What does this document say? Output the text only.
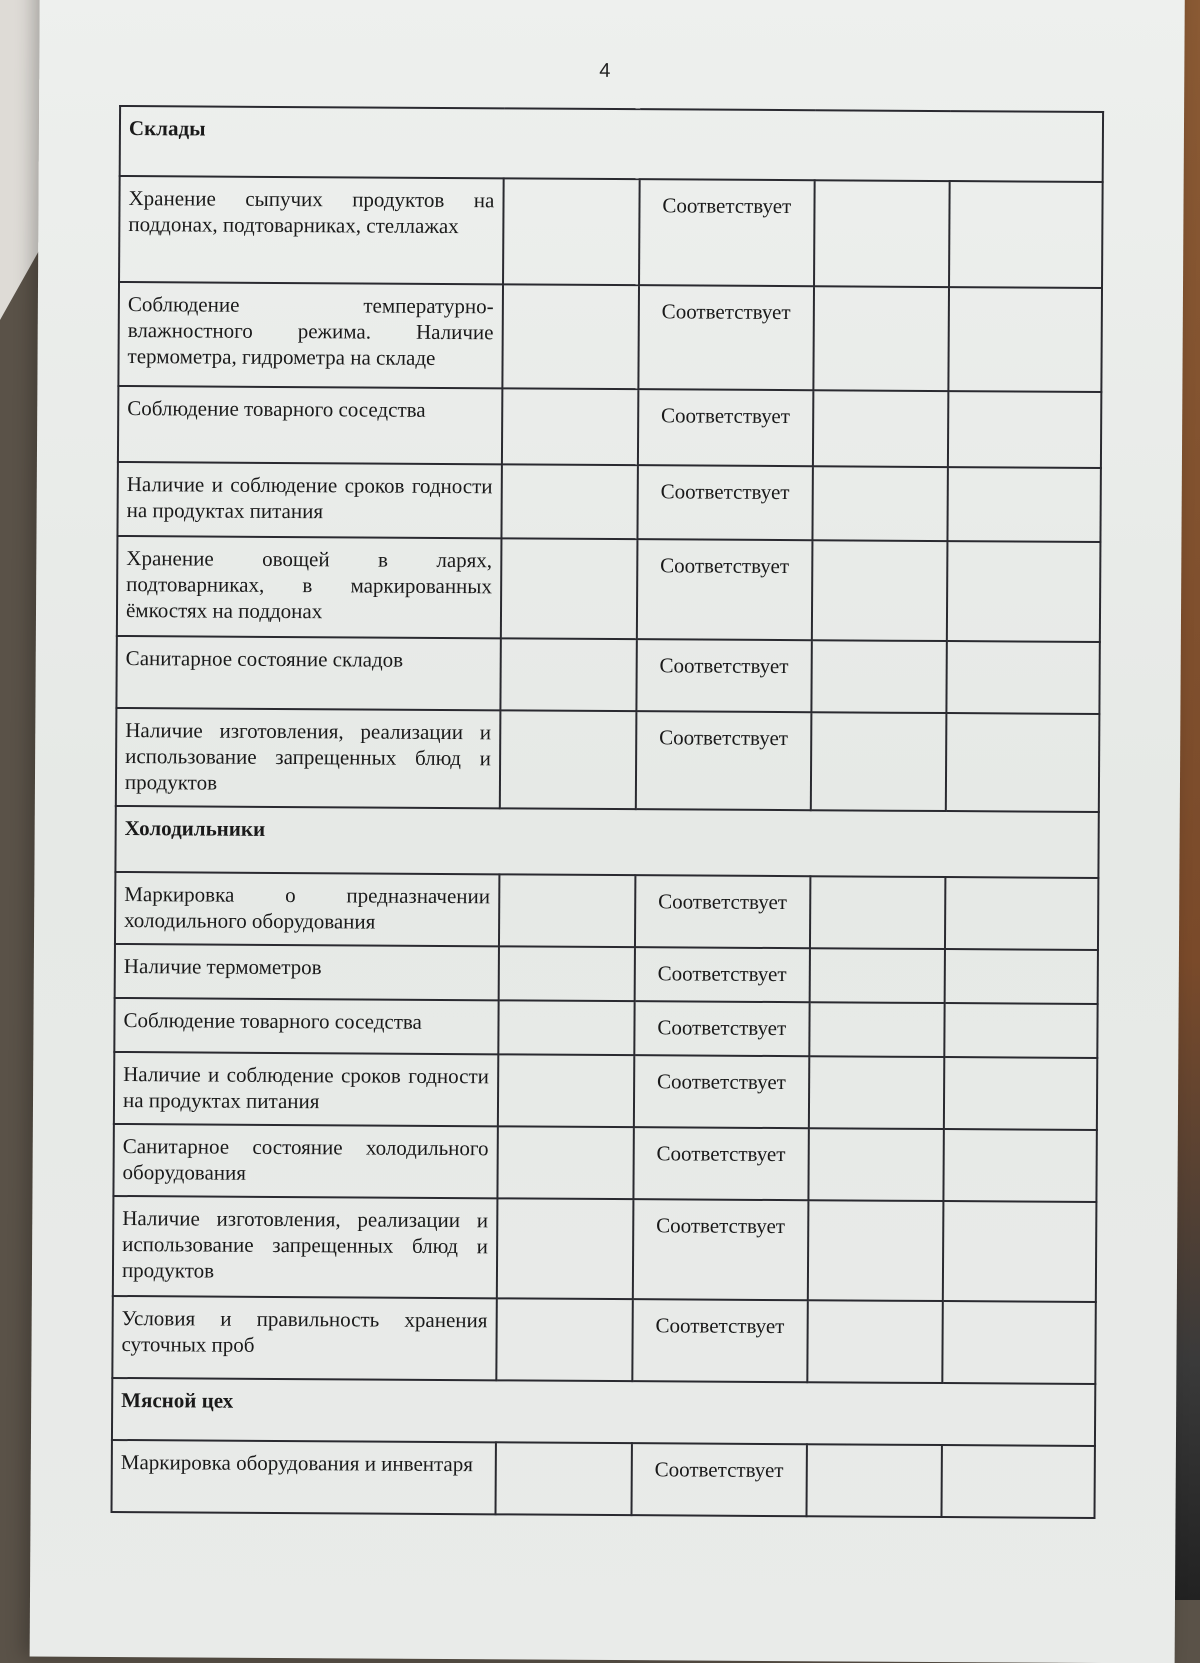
4
Склады				

Хранение сыпучих продуктов на поддонах, подтоварниках, стеллажах		Соответствует		
Соблюдение температурно-влажностного режима. Наличие термометра, гидрометра на складе		Соответствует		
Соблюдение товарного соседства		Соответствует		
Наличие и соблюдение сроков годности на продуктах питания		Соответствует		
Хранение овощей в ларях, подтоварниках, в маркированных ёмкостях на поддонах		Соответствует		
Санитарное состояние складов		Соответствует		
Наличие изготовления, реализации и использование запрещенных блюд и продуктов		Соответствует		

Холодильники				

Маркировка о предназначении холодильного оборудования		Соответствует		
Наличие термометров		Соответствует		
Соблюдение товарного соседства		Соответствует		
Наличие и соблюдение сроков годности на продуктах питания		Соответствует		
Санитарное состояние холодильного оборудования		Соответствует		
Наличие изготовления, реализации и использование запрещенных блюд и продуктов		Соответствует		
Условия и правильность хранения суточных проб		Соответствует		

Мясной цех				

Маркировка оборудования и инвентаря		Соответствует		
